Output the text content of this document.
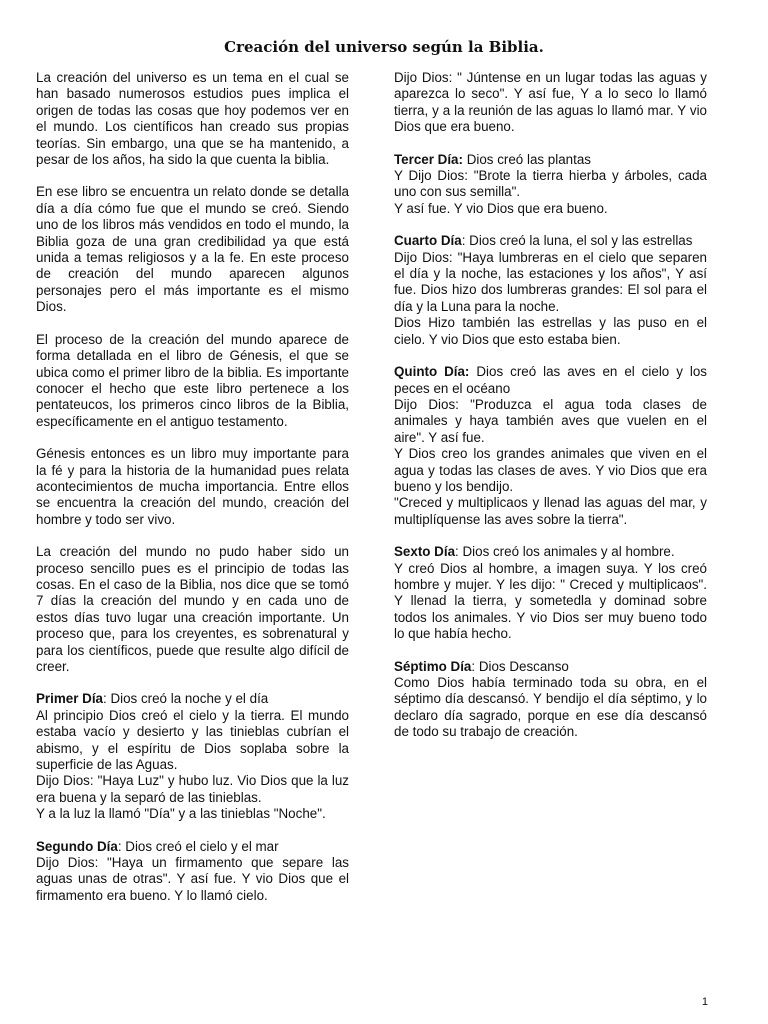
Creación del universo según la Biblia.

La creación del universo es un tema en el cual se han basado numerosos estudios pues implica el origen de todas las cosas que hoy podemos ver en el mundo. Los científicos han creado sus propias teorías. Sin embargo, una que se ha mantenido, a pesar de los años, ha sido la que cuenta la biblia.

En ese libro se encuentra un relato donde se detalla día a día cómo fue que el mundo se creó. Siendo uno de los libros más vendidos en todo el mundo, la Biblia goza de una gran credibilidad ya que está unida a temas religiosos y a la fe. En este proceso de creación del mundo aparecen algunos personajes pero el más importante es el mismo Dios.

El proceso de la creación del mundo aparece de forma detallada en el libro de Génesis, el que se ubica como el primer libro de la biblia. Es importante conocer el hecho que este libro pertenece a los pentateucos, los primeros cinco libros de la Biblia, específicamente en el antiguo testamento.

Génesis entonces es un libro muy importante para la fé y para la historia de la humanidad pues relata acontecimientos de mucha importancia. Entre ellos se encuentra la creación del mundo, creación del hombre y todo ser vivo.

La creación del mundo no pudo haber sido un proceso sencillo pues es el principio de todas las cosas. En el caso de la Biblia, nos dice que se tomó 7 días la creación del mundo y en cada uno de estos días tuvo lugar una creación importante. Un proceso que, para los creyentes, es sobrenatural y para los científicos, puede que resulte algo difícil de creer.

Primer Día: Dios creó la noche y el día
Al principio Dios creó el cielo y la tierra. El mundo estaba vacío y desierto y las tinieblas cubrían el abismo, y el espíritu de Dios soplaba sobre la superficie de las Aguas.
Dijo Dios: "Haya Luz" y hubo luz. Vio Dios que la luz era buena y la separó de las tinieblas.
Y a la luz la llamó "Día" y a las tinieblas "Noche".
Segundo Día: Dios creó el cielo y el mar
Dijo Dios: "Haya un firmamento que separe las aguas unas de otras". Y así fue. Y vio Dios que el firmamento era bueno. Y lo llamó cielo.

Dijo Dios: " Júntense en un lugar todas las aguas y aparezca lo seco". Y así fue, Y a lo seco lo llamó tierra, y a la reunión de las aguas lo llamó mar. Y vio Dios que era bueno.

Tercer Día: Dios creó las plantas
Y Dijo Dios: "Brote la tierra hierba y árboles, cada uno con sus semilla".
Y así fue. Y vio Dios que era bueno.
Cuarto Día: Dios creó la luna, el sol y las estrellas
Dijo Dios: "Haya lumbreras en el cielo que separen el día y la noche, las estaciones y los años", Y así fue. Dios hizo dos lumbreras grandes: El sol para el día y la Luna para la noche.
Dios Hizo también las estrellas y las puso en el cielo. Y vio Dios que esto estaba bien.
Quinto Día: Dios creó las aves en el cielo y los peces en el océano
Dijo Dios: "Produzca el agua toda clases de animales y haya también aves que vuelen en el aire". Y así fue.
Y Dios creo los grandes animales que viven en el agua y todas las clases de aves. Y vio Dios que era bueno y los bendijo.
"Creced y multiplicaos y llenad las aguas del mar, y multiplíquense las aves sobre la tierra".
Sexto Día: Dios creó los animales y al hombre.
Y creó Dios al hombre, a imagen suya. Y los creó hombre y mujer. Y les dijo: " Creced y multiplicaos". Y llenad la tierra, y sometedla y dominad sobre todos los animales. Y vio Dios ser muy bueno todo lo que había hecho.
Séptimo Día: Dios Descanso
Como Dios había terminado toda su obra, en el séptimo día descansó. Y bendijo el día séptimo, y lo declaro día sagrado, porque en ese día descansó de todo su trabajo de creación.
1
